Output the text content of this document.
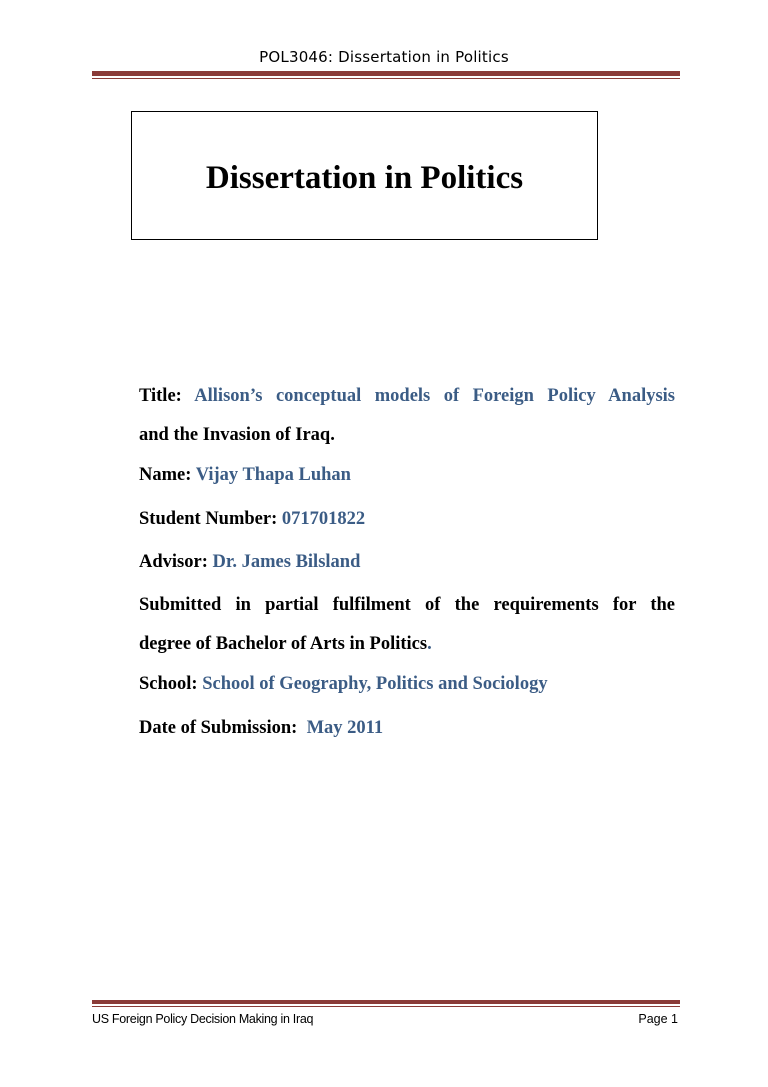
POL3046: Dissertation in Politics
Dissertation in Politics
Title: Allison’s conceptual models of Foreign Policy Analysis
and the Invasion of Iraq.
Name: Vijay Thapa Luhan
Student Number: 071701822
Advisor: Dr. James Bilsland
Submitted in partial fulfilment of the requirements for the
degree of Bachelor of Arts in Politics.
School: School of Geography, Politics and Sociology
Date of Submission: May 2011
US Foreign Policy Decision Making in Iraq	Page 1
